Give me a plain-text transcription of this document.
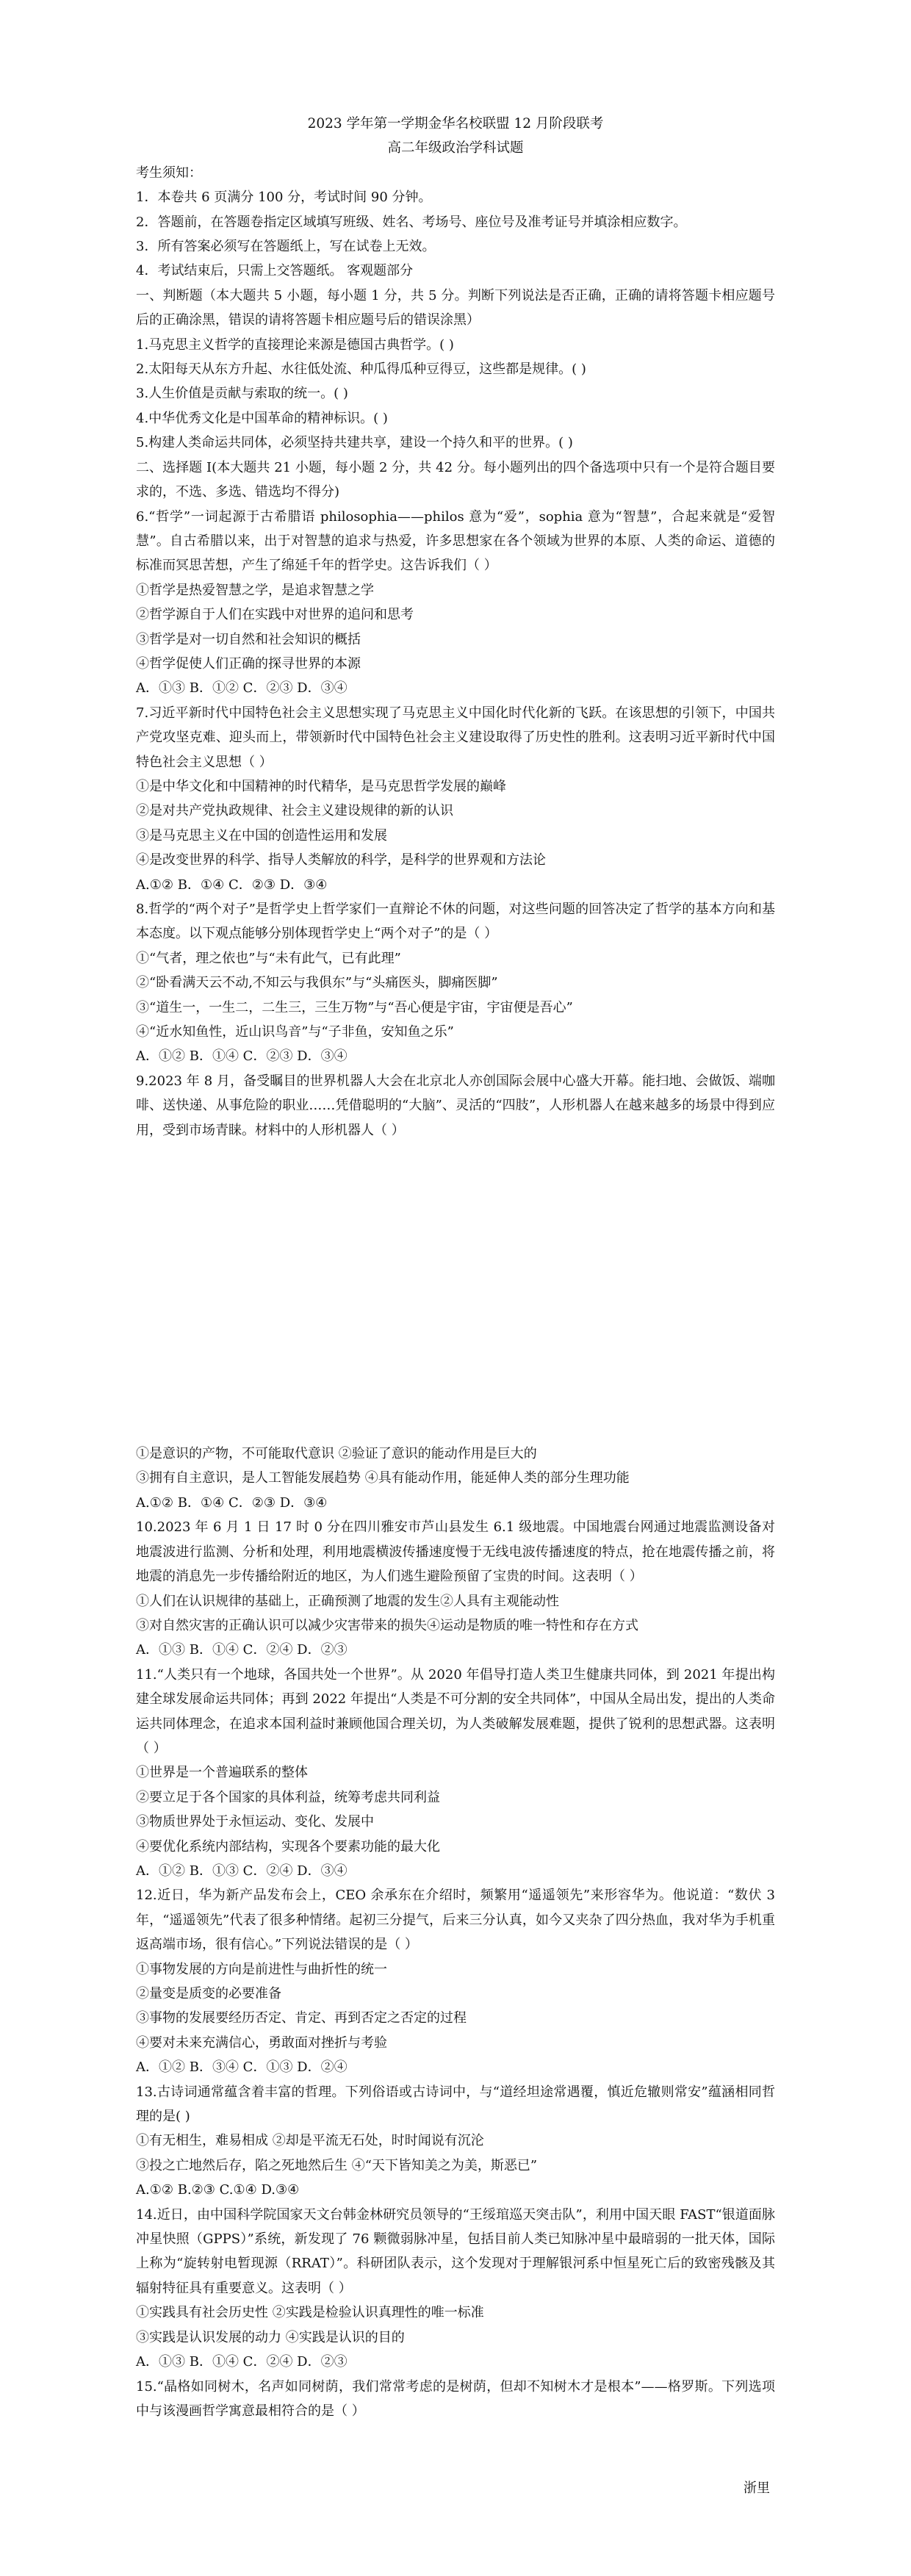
2023 学年第一学期金华名校联盟 12 月阶段联考

高二年级政治学科试题

考生须知：

1．本卷共 6 页满分 100 分，考试时间 90 分钟。

2．答题前，在答题卷指定区域填写班级、姓名、考场号、座位号及准考证号并填涂相应数字。

3．所有答案必须写在答题纸上，写在试卷上无效。

4．考试结束后，只需上交答题纸。 客观题部分

一、判断题（本大题共 5 小题，每小题 1 分，共 5 分。判断下列说法是否正确，正确的请将答题卡相应题号后的正确涂黑，错误的请将答题卡相应题号后的错误涂黑）

1.马克思主义哲学的直接理论来源是德国古典哲学。( )

2.太阳每天从东方升起、水往低处流、种瓜得瓜种豆得豆，这些都是规律。( )

3.人生价值是贡献与索取的统一。( )

4.中华优秀文化是中国革命的精神标识。( )

5.构建人类命运共同体，必须坚持共建共享，建设一个持久和平的世界。( )

二、选择题 I(本大题共 21 小题，每小题 2 分，共 42 分。每小题列出的四个备选项中只有一个是符合题目要求的，不选、多选、错选均不得分)

6.“哲学”一词起源于古希腊语 philosophia——philos 意为“爱”，sophia 意为“智慧”，合起来就是“爱智慧”。自古希腊以来，出于对智慧的追求与热爱，许多思想家在各个领域为世界的本原、人类的命运、道德的标准而冥思苦想，产生了绵延千年的哲学史。这告诉我们（ ）

①哲学是热爱智慧之学，是追求智慧之学

②哲学源自于人们在实践中对世界的追问和思考

③哲学是对一切自然和社会知识的概括

④哲学促使人们正确的探寻世界的本源

A．①③ B．①② C．②③ D．③④

7.习近平新时代中国特色社会主义思想实现了马克思主义中国化时代化新的飞跃。在该思想的引领下，中国共产党攻坚克难、迎头而上，带领新时代中国特色社会主义建设取得了历史性的胜利。这表明习近平新时代中国特色社会主义思想（ ）

①是中华文化和中国精神的时代精华，是马克思哲学发展的巅峰

②是对共产党执政规律、社会主义建设规律的新的认识

③是马克思主义在中国的创造性运用和发展

④是改变世界的科学、指导人类解放的科学，是科学的世界观和方法论

A.①② B．①④ C．②③ D．③④

8.哲学的“两个对子”是哲学史上哲学家们一直辩论不休的问题，对这些问题的回答决定了哲学的基本方向和基本态度。以下观点能够分别体现哲学史上“两个对子”的是（ ）

①“气者，理之依也”与“未有此气，已有此理”

②“卧看满天云不动,不知云与我俱东”与“头痛医头，脚痛医脚”

③“道生一，一生二，二生三，三生万物”与“吾心便是宇宙，宇宙便是吾心”

④“近水知鱼性，近山识鸟音”与“子非鱼，安知鱼之乐”

A．①② B．①④ C．②③ D．③④

9.2023 年 8 月，备受瞩目的世界机器人大会在北京北人亦创国际会展中心盛大开幕。能扫地、会做饭、端咖啡、送快递、从事危险的职业……凭借聪明的“大脑”、灵活的“四肢”，人形机器人在越来越多的场景中得到应用，受到市场青睐。材料中的人形机器人（ ）

①是意识的产物，不可能取代意识 ②验证了意识的能动作用是巨大的

③拥有自主意识，是人工智能发展趋势 ④具有能动作用，能延伸人类的部分生理功能

A.①② B．①④ C．②③ D．③④

10.2023 年 6 月 1 日 17 时 0 分在四川雅安市芦山县发生 6.1 级地震。中国地震台网通过地震监测设备对地震波进行监测、分析和处理，利用地震横波传播速度慢于无线电波传播速度的特点，抢在地震传播之前，将地震的消息先一步传播给附近的地区，为人们逃生避险预留了宝贵的时间。这表明（ ）

①人们在认识规律的基础上，正确预测了地震的发生②人具有主观能动性

③对自然灾害的正确认识可以减少灾害带来的损失④运动是物质的唯一特性和存在方式

A．①③ B．①④ C．②④ D．②③

11.“人类只有一个地球，各国共处一个世界”。从 2020 年倡导打造人类卫生健康共同体，到 2021 年提出构建全球发展命运共同体；再到 2022 年提出“人类是不可分割的安全共同体”，中国从全局出发，提出的人类命运共同体理念，在追求本国利益时兼顾他国合理关切，为人类破解发展难题，提供了锐利的思想武器。这表明（ ）

①世界是一个普遍联系的整体

②要立足于各个国家的具体利益，统筹考虑共同利益

③物质世界处于永恒运动、变化、发展中

④要优化系统内部结构，实现各个要素功能的最大化

A．①② B．①③ C．②④ D．③④

12.近日，华为新产品发布会上，CEO 余承东在介绍时，频繁用“遥遥领先”来形容华为。他说道：“数伏 3 年，“遥遥领先”代表了很多种情绪。起初三分提气，后来三分认真，如今又夹杂了四分热血，我对华为手机重返高端市场，很有信心。”下列说法错误的是（ ）

①事物发展的方向是前进性与曲折性的统一

②量变是质变的必要准备

③事物的发展要经历否定、肯定、再到否定之否定的过程

④要对未来充满信心，勇敢面对挫折与考验

A．①② B．③④ C．①③ D．②④

13.古诗词通常蕴含着丰富的哲理。下列俗语或古诗词中，与“道经坦途常遇覆，慎近危辙则常安”蕴涵相同哲理的是( )

①有无相生，难易相成 ②却是平流无石处，时时闻说有沉沦

③投之亡地然后存，陷之死地然后生 ④“天下皆知美之为美，斯恶已”

A.①② B.②③ C.①④ D.③④

14.近日，由中国科学院国家天文台韩金林研究员领导的“王绥琯巡天突击队”，利用中国天眼 FAST“银道面脉冲星快照（GPPS）”系统，新发现了 76 颗微弱脉冲星，包括目前人类已知脉冲星中最暗弱的一批天体，国际上称为“旋转射电暂现源（RRAT）”。科研团队表示，这个发现对于理解银河系中恒星死亡后的致密残骸及其辐射特征具有重要意义。这表明（ ）

①实践具有社会历史性 ②实践是检验认识真理性的唯一标准

③实践是认识发展的动力 ④实践是认识的目的

A．①③ B．①④ C．②④ D．②③

15.“晶格如同树木，名声如同树荫，我们常常考虑的是树荫，但却不知树木才是根本”——格罗斯。下列选项中与该漫画哲学寓意最相符合的是（ ）

浙里
